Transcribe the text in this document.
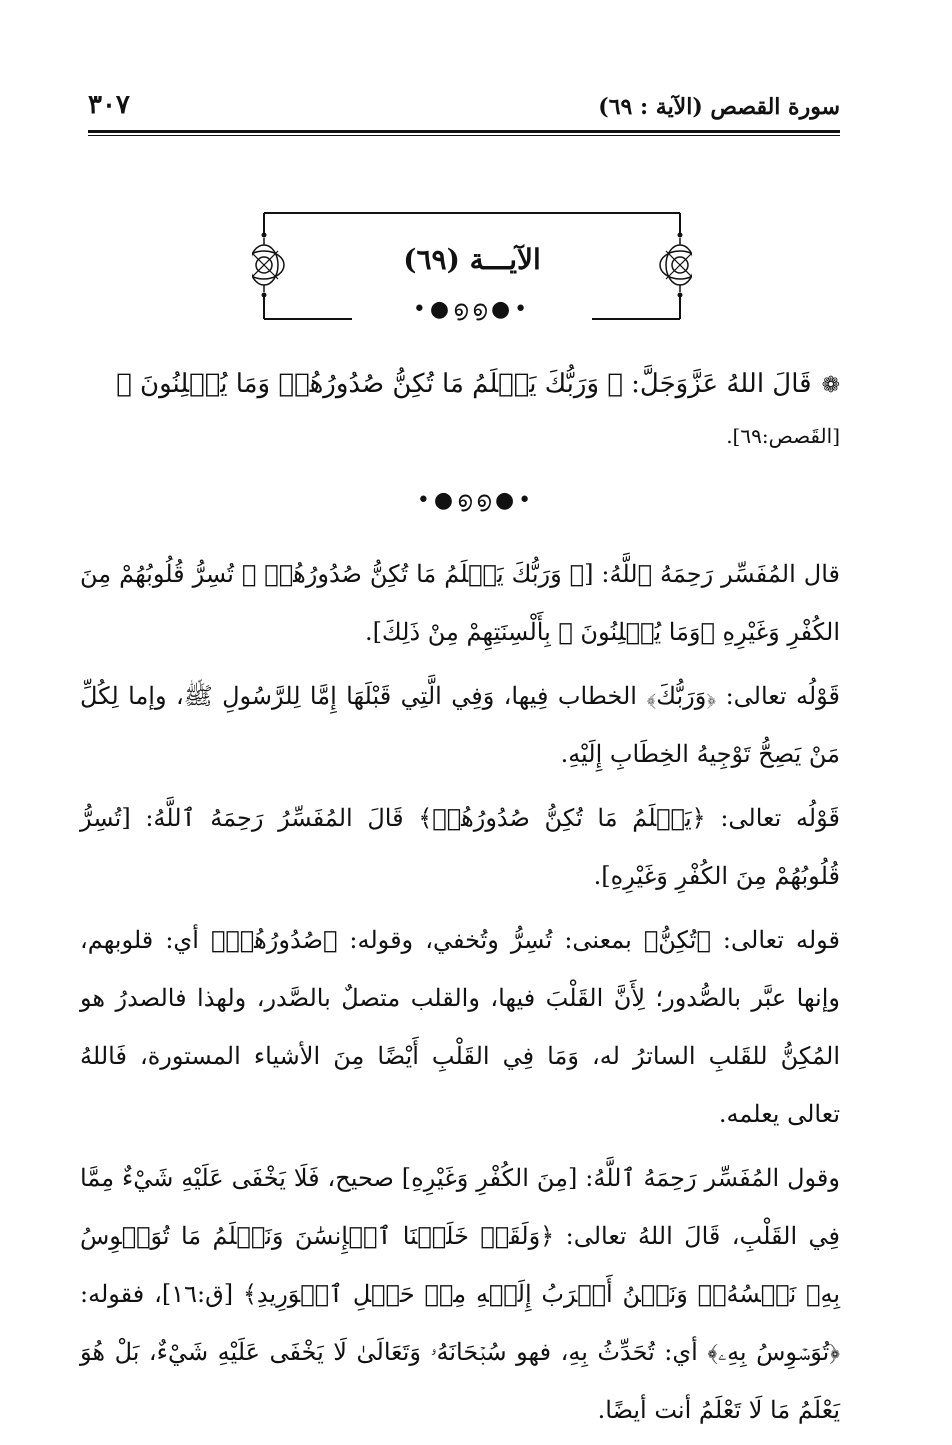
سورة القصص (الآية : ٦٩)
٣٠٧
الآيـــة (٦٩)
•●൭൭●•
❁قَالَ اللهُ عَزَّوَجَلَّ: ﴿ وَرَبُّكَ يَعۡلَمُ مَا تُكِنُّ صُدُورُهُمۡ وَمَا يُعۡلِنُونَ ﴾
[القَصص:٦٩].
•●൭൭●•

قال المُفَسِّر رَحِمَهُ ٱللَّهُ: [﴿ وَرَبُّكَ يَعۡلَمُ مَا تُكِنُّ صُدُورُهُمۡ ﴾ تُسِرُّ قُلُوبُهُمْ مِنَ الكُفْرِ وَغَيْرِهِ ﴿وَمَا يُعۡلِنُونَ ﴾ بِأَلْسِنَتِهِمْ مِنْ ذَلِكَ].

قَوْلُه تعالى: ﴿وَرَبُّكَ﴾ الخطاب فِيها، وَفِي الَّتِي قَبْلَهَا إِمَّا لِلرَّسُولِ ﷺ، وإما لِكُلِّ مَنْ يَصِحُّ تَوْجِيهُ الخِطَابِ إِلَيْهِ.

قَوْلُه تعالى: ﴿يَعۡلَمُ مَا تُكِنُّ صُدُورُهُمۡ﴾ قَالَ المُفَسِّرُ رَحِمَهُ ٱللَّهُ: [تُسِرُّ قُلُوبُهُمْ مِنَ الكُفْرِ وَغَيْرِهِ].

قوله تعالى: ﴿تُكِنُّ﴾ بمعنى: تُسِرُّ وتُخفي، وقوله: ﴿صُدُورُهُمۡ﴾ أي: قلوبهم، وإنها عبَّر بالصُّدور؛ لِأَنَّ القَلْبَ فيها، والقلب متصلٌ بالصَّدر، ولهذا فالصدرُ هو المُكِنُّ للقَلبِ الساترُ له، وَمَا فِي القَلْبِ أَيْضًا مِنَ الأشياء المستورة، فَاللهُ تعالى يعلمه.

وقول المُفَسِّر رَحِمَهُ ٱللَّهُ: [مِنَ الكُفْرِ وَغَيْرِهِ] صحيح، فَلَا يَخْفَى عَلَيْهِ شَيْءٌ مِمَّا فِي القَلْبِ، قَالَ اللهُ تعالى: ﴿وَلَقَدۡ خَلَقۡنَا ٱلۡإِنسَٰنَ وَنَعۡلَمُ مَا تُوَسۡوِسُ بِهِۦ نَفۡسُهُۥۖ وَنَحۡنُ أَقۡرَبُ إِلَيۡهِ مِنۡ حَبۡلِ ٱلۡوَرِيدِ﴾ [ق:١٦]، فقوله: ﴿تُوَسۡوِسُ بِهِۦ﴾ أي: تُحَدِّثُ بِهِ، فهو سُبۡحَانَهُۥ وَتَعَالَىٰ لَا يَخْفَى عَلَيْهِ شَيْءٌ، بَلْ هُوَ يَعْلَمُ مَا لَا تَعْلَمُ أنت أيضًا.
